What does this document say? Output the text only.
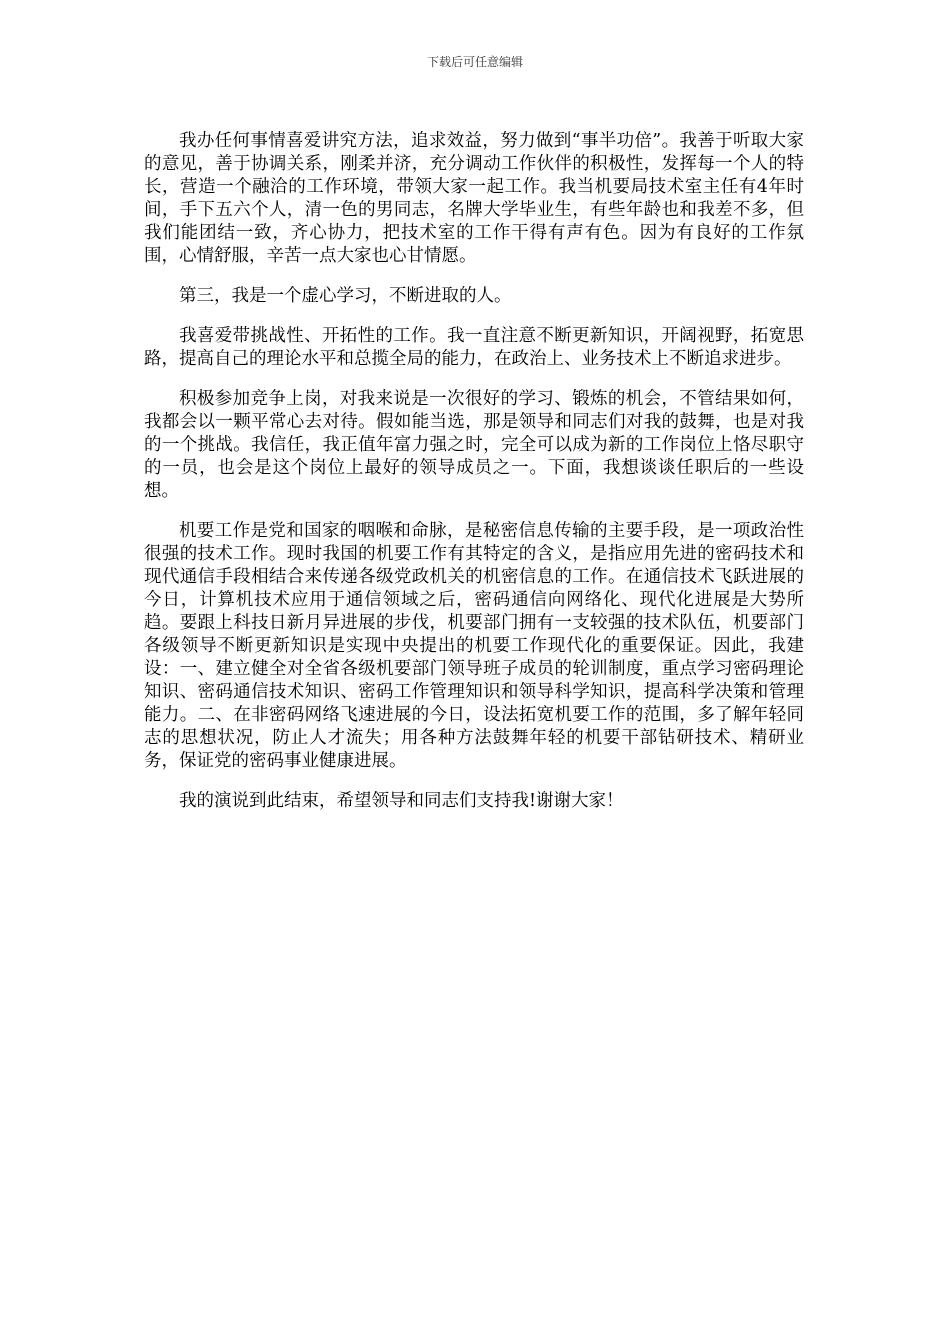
下载后可任意编辑

我办任何事情喜爱讲究方法，追求效益，努力做到“事半功倍”。我善于听取大家的意见，善于协调关系，刚柔并济，充分调动工作伙伴的积极性，发挥每一个人的特长，营造一个融洽的工作环境，带领大家一起工作。我当机要局技术室主任有4年时间，手下五六个人，清一色的男同志，名牌大学毕业生，有些年龄也和我差不多，但我们能团结一致，齐心协力，把技术室的工作干得有声有色。因为有良好的工作氛围，心情舒服，辛苦一点大家也心甘情愿。

第三，我是一个虚心学习，不断进取的人。

我喜爱带挑战性、开拓性的工作。我一直注意不断更新知识，开阔视野，拓宽思路，提高自己的理论水平和总揽全局的能力，在政治上、业务技术上不断追求进步。

积极参加竞争上岗，对我来说是一次很好的学习、锻炼的机会，不管结果如何，我都会以一颗平常心去对待。假如能当选，那是领导和同志们对我的鼓舞，也是对我的一个挑战。我信任，我正值年富力强之时，完全可以成为新的工作岗位上恪尽职守的一员，也会是这个岗位上最好的领导成员之一。下面，我想谈谈任职后的一些设想。

机要工作是党和国家的咽喉和命脉，是秘密信息传输的主要手段，是一项政治性很强的技术工作。现时我国的机要工作有其特定的含义，是指应用先进的密码技术和现代通信手段相结合来传递各级党政机关的机密信息的工作。在通信技术飞跃进展的今日，计算机技术应用于通信领域之后，密码通信向网络化、现代化进展是大势所趋。要跟上科技日新月异进展的步伐，机要部门拥有一支较强的技术队伍，机要部门各级领导不断更新知识是实现中央提出的机要工作现代化的重要保证。因此，我建设：一、建立健全对全省各级机要部门领导班子成员的轮训制度，重点学习密码理论知识、密码通信技术知识、密码工作管理知识和领导科学知识，提高科学决策和管理能力。二、在非密码网络飞速进展的今日，设法拓宽机要工作的范围，多了解年轻同志的思想状况，防止人才流失；用各种方法鼓舞年轻的机要干部钻研技术、精研业务，保证党的密码事业健康进展。

我的演说到此结束，希望领导和同志们支持我!谢谢大家！
